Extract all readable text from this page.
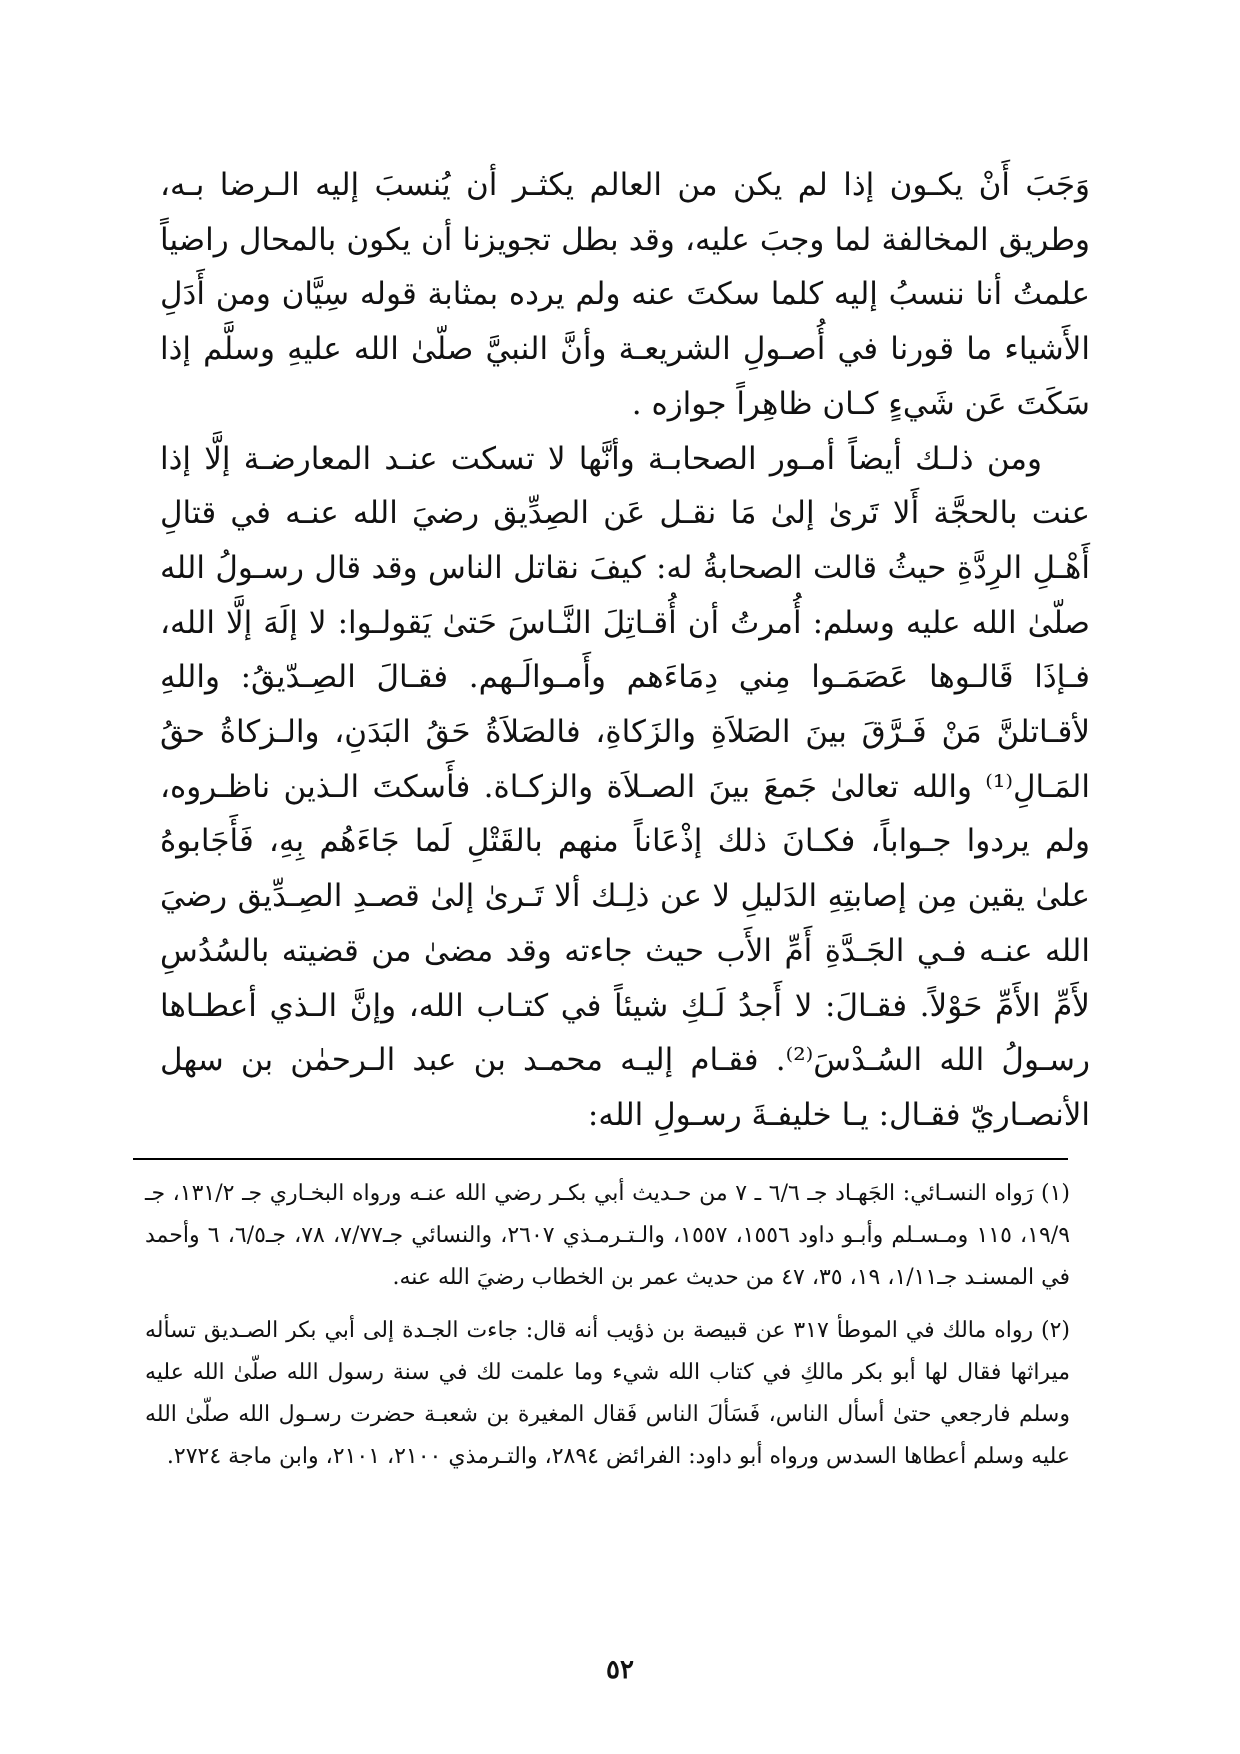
وَجَبَ أَنْ يكـون إذا لم يكن من العالم يكثـر أن يُنسبَ إليه الـرضا بـه، وطريق المخالفة لما وجبَ عليه، وقد بطل تجويزنا أن يكون بالمحال راضياً علمتُ أنا ننسبُ إليه كلما سكتَ عنه ولم يرده بمثابة قوله سِيَّان ومن أَدَلِ الأَشياء ما قورنا في أُصـولِ الشريعـة وأنَّ النبيَّ صلّىٰ الله عليهِ وسلَّم إذا سَكَتَ عَن شَيءٍ كـان ظاهِراً جوازه .

ومن ذلـك أيضاً أمـور الصحابـة وأنَّها لا تسكت عنـد المعارضـة إلَّا إذا عنت بالحجَّة أَلا تَرىٰ إلىٰ مَا نقـل عَن الصِدِّيق رضيَ الله عنـه في قتالِ أَهْـلِ الرِدَّةِ حيثُ قالت الصحابةُ له: كيفَ نقاتل الناس وقد قال رسـولُ الله صلّىٰ الله عليه وسلم: أُمرتُ أن أُقـاتِلَ النَّـاسَ حَتىٰ يَقولـوا: لا إلَهَ إلَّا الله، فـإذَا قَالـوها عَصَمَـوا مِني دِمَاءَهم وأَمـوالَـهم. فقـالَ الصِـدّيقُ: واللهِ لأقـاتلنَّ مَنْ فَـرَّقَ بينَ الصَلاَةِ والزَكاةِ، فالصَلاَةُ حَقُ البَدَنِ، والـزكاةُ حقُ المَـالِ⁽¹⁾ والله تعالىٰ جَمعَ بينَ الصـلاَة والزكـاة. فأَسكتَ الـذين ناظـروه، ولم يردوا جـواباً، فكـانَ ذلك إذْعَاناً منهم بالقَتْلِ لَما جَاءَهُم بِهِ، فَأَجَابوهُ علىٰ يقين مِن إصابتِهِ الدَليلِ لا عن ذلِـك ألا تَـرىٰ إلىٰ قصـدِ الصِـدِّيق رضيَ الله عنـه فـي الجَـدَّةِ أَمِّ الأَب حيث جاءته وقد مضىٰ من قضيته بالسُدُسِ لأَمِّ الأَمِّ حَوْلاً. فقـالَ: لا أَجدُ لَـكِ شيئاً في كتـاب الله، وإنَّ الـذي أعطـاها رسـولُ الله السُـدْسَ⁽²⁾. فقـام إليـه محمـد بن عبد الـرحمٰن بن سهل الأنصـاريّ فقـال: يـا خليفـةَ رسـولِ الله:

(١) رَواه النسـائي: الجَهـاد جـ ٦/٦ ـ ٧ من حـديث أبي بكـر رضي الله عنـه ورواه البخـاري جـ ١٣١/٢، جـ ١٩/٩، ١١٥ ومـسـلم وأبـو داود ١٥٥٦، ١٥٥٧، والـتـرمـذي ٢٦٠٧، والنسائي جـ٧/٧٧، ٧٨، جـ٦/٥، ٦ وأحمد في المسنـد جـ١/١١، ١٩، ٣٥، ٤٧ من حديث عمر بن الخطاب رضيَ الله عنه.

(٢) رواه مالك في الموطأ ٣١٧ عن قبيصة بن ذؤيب أنه قال: جاءت الجـدة إلى أبي بكر الصـديق تسأله ميراثها فقال لها أبو بكر مالكِ في كتاب الله شيء وما علمت لك في سنة رسول الله صلّىٰ الله عليه وسلم فارجعي حتىٰ أسأل الناس، فَسَألَ الناس فَقال المغيرة بن شعبـة حضرت رسـول الله صلّىٰ الله عليه وسلم أعطاها السدس ورواه أبو داود: الفرائض ٢٨٩٤، والتـرمذي ٢١٠٠، ٢١٠١، وابن ماجة ٢٧٢٤.

٥٢
